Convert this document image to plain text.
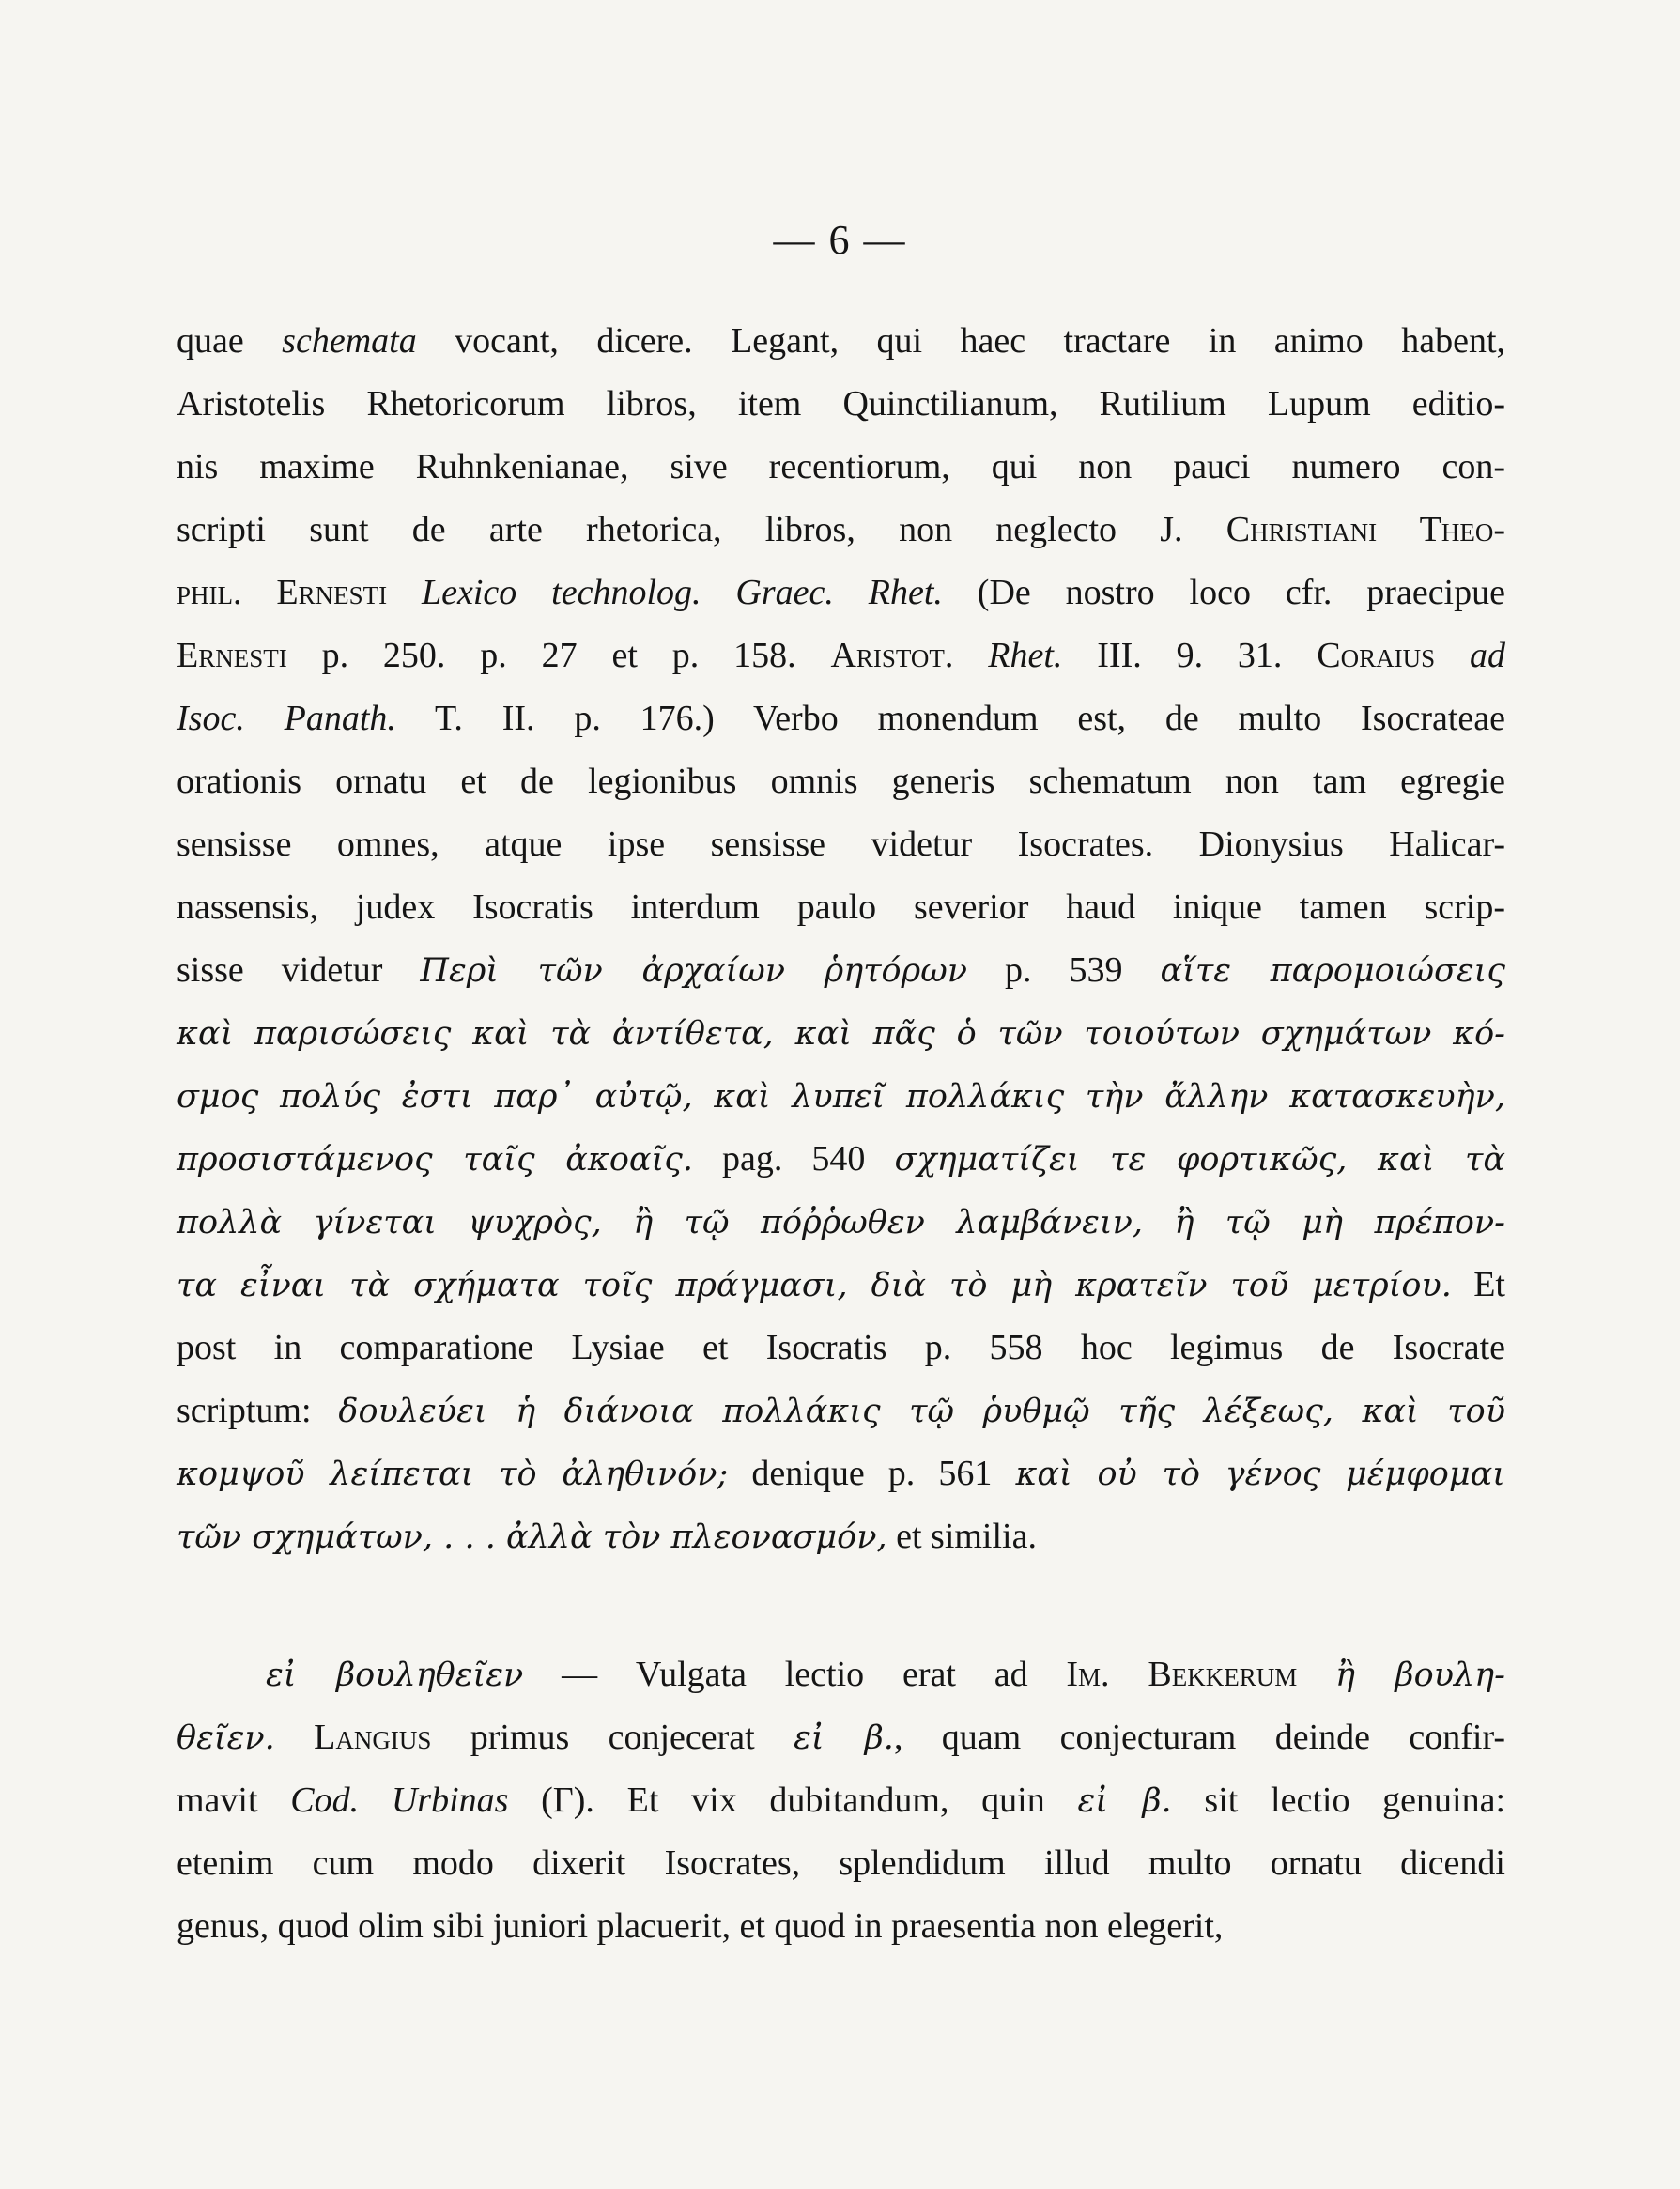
— 6 —
quae schemata vocant, dicere. Legant, qui haec tractare in animo habent,
Aristotelis Rhetoricorum libros, item Quinctilianum, Rutilium Lupum editio-
nis maxime Ruhnkenianae, sive recentiorum, qui non pauci numero con-
scripti sunt de arte rhetorica, libros, non neglecto J. Christiani Theo-
phil. Ernesti Lexico technolog. Graec. Rhet. (De nostro loco cfr. praecipue
Ernesti p. 250. p. 27 et p. 158. Aristot. Rhet. III. 9. 31. Coraius ad
Isoc. Panath. T. II. p. 176.) Verbo monendum est, de multo Isocrateae
orationis ornatu et de legionibus omnis generis schematum non tam egregie
sensisse omnes, atque ipse sensisse videtur Isocrates. Dionysius Halicar-
nassensis, judex Isocratis interdum paulo severior haud inique tamen scrip-
sisse videtur Περὶ τῶν ἀρχαίων ῥητόρων p. 539 αἵτε παρομοιώσεις
καὶ παρισώσεις καὶ τὰ ἀντίθετα, καὶ πᾶς ὁ τῶν τοιούτων σχημάτων κό-
σμος πολύς ἐστι παρ᾽ αὐτῷ, καὶ λυπεῖ πολλάκις τὴν ἄλλην κατασκευὴν,
προσιστάμενος ταῖς ἀκοαῖς. pag. 540 σχηματίζει τε φορτικῶς, καὶ τὰ
πολλὰ γίνεται ψυχρὸς, ἢ τῷ πόῤῥωθεν λαμβάνειν, ἢ τῷ μὴ πρέπον-
τα εἶναι τὰ σχήματα τοῖς πράγμασι, διὰ τὸ μὴ κρατεῖν τοῦ μετρίου. Et
post in comparatione Lysiae et Isocratis p. 558 hoc legimus de Isocrate
scriptum: δουλεύει ἡ διάνοια πολλάκις τῷ ῥυθμῷ τῆς λέξεως, καὶ τοῦ
κομψοῦ λείπεται τὸ ἀληθινόν; denique p. 561 καὶ οὐ τὸ γένος μέμφομαι
τῶν σχημάτων, . . . ἀλλὰ τὸν πλεονασμόν, et similia.
εἰ βουληθεῖεν — Vulgata lectio erat ad Im. Bekkerum ἢ βουλη-
θεῖεν. Langius primus conjecerat εἰ β., quam conjecturam deinde confir-
mavit Cod. Urbinas (Γ). Et vix dubitandum, quin εἰ β. sit lectio genuina:
etenim cum modo dixerit Isocrates, splendidum illud multo ornatu dicendi
genus, quod olim sibi juniori placuerit, et quod in praesentia non elegerit,
